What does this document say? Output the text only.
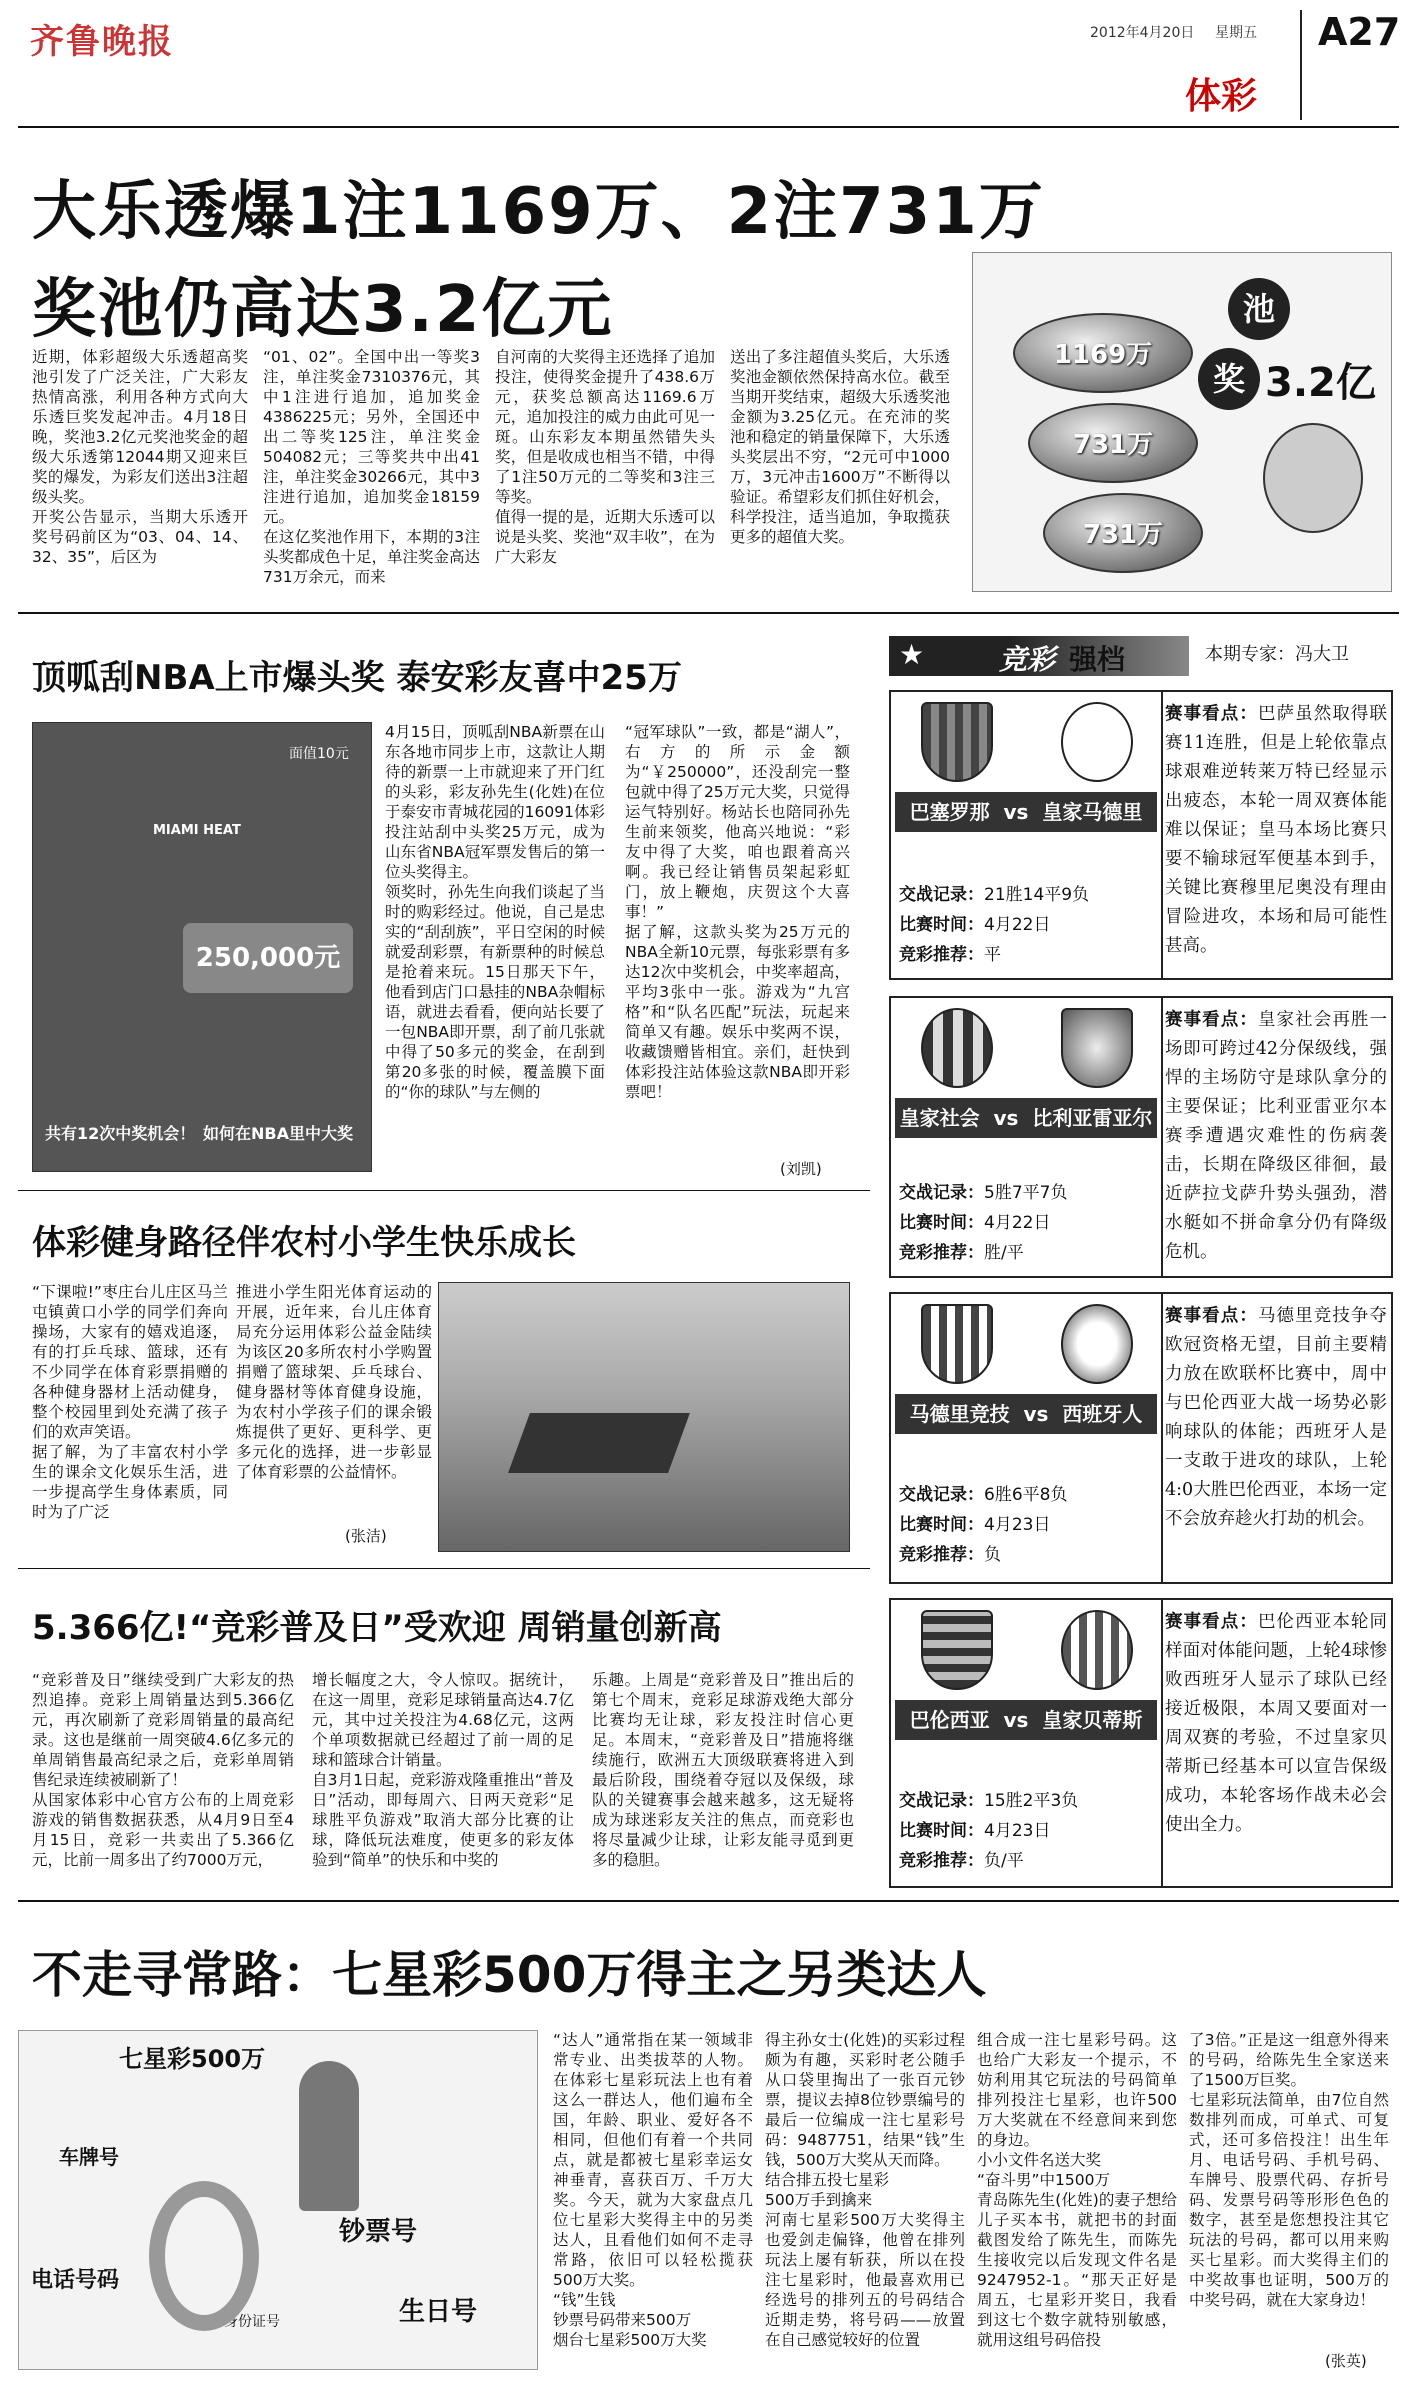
齐鲁晚报	2012年4月20日 星期五 A27
体彩
大乐透爆1注1169万、2注731万
奖池仍高达3.2亿元
近期，体彩超级大乐透超高奖池引发了广泛关注，广大彩友热情高涨，利用各种方式向大乐透巨奖发起冲击。4月18日晚，奖池3.2亿元奖池奖金的超级大乐透第12044期又迎来巨奖的爆发，为彩友们送出3注超级头奖。
开奖公告显示，当期大乐透开奖号码前区为“03、04、14、32、35”，后区为
“01、02”。全国中出一等奖3注，单注奖金7310376元，其中1注进行追加，追加奖金4386225元；另外，全国还中出二等奖125注，单注奖金504082元；三等奖共中出41注，单注奖金30266元，其中3注进行追加，追加奖金18159元。
在这亿奖池作用下，本期的3注头奖都成色十足，单注奖金高达731万余元，而来
自河南的大奖得主还选择了追加投注，使得奖金提升了438.6万元，获奖总额高达1169.6万元，追加投注的威力由此可见一斑。山东彩友本期虽然错失头奖，但是收成也相当不错，中得了1注50万元的二等奖和3注三等奖。
值得一提的是，近期大乐透可以说是头奖、奖池“双丰收”，在为广大彩友
送出了多注超值头奖后，大乐透奖池金额依然保持高水位。截至当期开奖结束，超级大乐透奖池金额为3.25亿元。在充沛的奖池和稳定的销量保障下，大乐透头奖层出不穷，“2元可中1000万，3元冲击1600万”不断得以验证。希望彩友们抓住好机会，科学投注，适当追加，争取揽获更多的超值大奖。
1169万
731万
731万
池
奖 3.2亿
顶呱刮NBA上市爆头奖 泰安彩友喜中25万
MIAMI HEAT
面值10元
250,000元
共有12次中奖机会！ 如何在NBA里中大奖
4月15日，顶呱刮NBA新票在山东各地市同步上市，这款让人期待的新票一上市就迎来了开门红的头彩，彩友孙先生(化姓)在位于泰安市青城花园的16091体彩投注站刮中头奖25万元，成为山东省NBA冠军票发售后的第一位头奖得主。
领奖时，孙先生向我们谈起了当时的购彩经过。他说，自己是忠实的“刮刮族”，平日空闲的时候就爱刮彩票，有新票种的时候总是抢着来玩。15日那天下午，他看到店门口悬挂的NBA杂帽标语，就进去看看，便向站长要了一包NBA即开票，刮了前几张就中得了50多元的奖金，在刮到第20多张的时候，覆盖膜下面的“你的球队”与左侧的
“冠军球队”一致，都是“湖人”，右方的所示金额为“￥250000”，还没刮完一整包就中得了25万元大奖，只觉得运气特别好。杨站长也陪同孙先生前来领奖，他高兴地说：“彩友中得了大奖，咱也跟着高兴啊。我已经让销售员架起彩虹门，放上鞭炮，庆贺这个大喜事！”
据了解，这款头奖为25万元的NBA全新10元票，每张彩票有多达12次中奖机会，中奖率超高，平均3张中一张。游戏为“九宫格”和“队名匹配”玩法，玩起来简单又有趣。娱乐中奖两不误，收藏馈赠皆相宜。亲们，赶快到体彩投注站体验这款NBA即开彩票吧！
(刘凯)
体彩健身路径伴农村小学生快乐成长
“下课啦!”枣庄台儿庄区马兰屯镇黄口小学的同学们奔向操场，大家有的嬉戏追逐，有的打乒乓球、篮球，还有不少同学在体育彩票捐赠的各种健身器材上活动健身，整个校园里到处充满了孩子们的欢声笑语。
据了解，为了丰富农村小学生的课余文化娱乐生活，进一步提高学生身体素质，同时为了广泛
推进小学生阳光体育运动的开展，近年来，台儿庄体育局充分运用体彩公益金陆续为该区20多所农村小学购置捐赠了篮球架、乒乓球台、健身器材等体育健身设施，为农村小学孩子们的课余锻炼提供了更好、更科学、更多元化的选择，进一步彰显了体育彩票的公益情怀。
(张洁)
5.366亿!“竞彩普及日”受欢迎 周销量创新高
“竞彩普及日”继续受到广大彩友的热烈追捧。竞彩上周销量达到5.366亿元，再次刷新了竞彩周销量的最高纪录。这也是继前一周突破4.6亿多元的单周销售最高纪录之后，竞彩单周销售纪录连续被刷新了！
从国家体彩中心官方公布的上周竞彩游戏的销售数据获悉，从4月9日至4月15日，竞彩一共卖出了5.366亿元，比前一周多出了约7000万元，
增长幅度之大，令人惊叹。据统计，在这一周里，竞彩足球销量高达4.7亿元，其中过关投注为4.68亿元，这两个单项数据就已经超过了前一周的足球和篮球合计销量。
自3月1日起，竞彩游戏隆重推出“普及日”活动，即每周六、日两天竞彩“足球胜平负游戏”取消大部分比赛的让球，降低玩法难度，使更多的彩友体验到“简单”的快乐和中奖的
乐趣。上周是“竞彩普及日”推出后的第七个周末，竞彩足球游戏绝大部分比赛均无让球，彩友投注时信心更足。本周末，“竞彩普及日”措施将继续施行，欧洲五大顶级联赛将进入到最后阶段，围绕着夺冠以及保级，球队的关键赛事会越来越多，这无疑将成为球迷彩友关注的焦点，而竞彩也将尽量减少让球，让彩友能寻觅到更多的稳胆。
★	竞彩 强档	本期专家：冯大卫
巴塞罗那 vs 皇家马德里
交战记录：21胜14平9负
比赛时间：4月22日
竞彩推荐：平
赛事看点：巴萨虽然取得联赛11连胜，但是上轮依靠点球艰难逆转莱万特已经显示出疲态，本轮一周双赛体能难以保证；皇马本场比赛只要不输球冠军便基本到手，关键比赛穆里尼奥没有理由冒险进攻，本场和局可能性甚高。
皇家社会 vs 比利亚雷亚尔
交战记录：5胜7平7负
比赛时间：4月22日
竞彩推荐：胜/平
赛事看点：皇家社会再胜一场即可跨过42分保级线，强悍的主场防守是球队拿分的主要保证；比利亚雷亚尔本赛季遭遇灾难性的伤病袭击，长期在降级区徘徊，最近萨拉戈萨升势头强劲，潜水艇如不拼命拿分仍有降级危机。
马德里竞技 vs 西班牙人
交战记录：6胜6平8负
比赛时间：4月23日
竞彩推荐：负
赛事看点：马德里竞技争夺欧冠资格无望，目前主要精力放在欧联杯比赛中，周中与巴伦西亚大战一场势必影响球队的体能；西班牙人是一支敢于进攻的球队，上轮4:0大胜巴伦西亚，本场一定不会放弃趁火打劫的机会。
巴伦西亚 vs 皇家贝蒂斯
交战记录：15胜2平3负
比赛时间：4月23日
竞彩推荐：负/平
赛事看点：巴伦西亚本轮同样面对体能问题，上轮4球惨败西班牙人显示了球队已经接近极限，本周又要面对一周双赛的考验，不过皇家贝蒂斯已经基本可以宣告保级成功，本轮客场作战未必会使出全力。
不走寻常路：七星彩500万得主之另类达人
七星彩500万
车牌号
钞票号
电话号码
生日号
身份证号
“达人”通常指在某一领域非常专业、出类拔萃的人物。在体彩七星彩玩法上也有着这么一群达人，他们遍布全国，年龄、职业、爱好各不相同，但他们有着一个共同点，就是都被七星彩幸运女神垂青，喜获百万、千万大奖。今天，就为大家盘点几位七星彩大奖得主中的另类达人，且看他们如何不走寻常路，依旧可以轻松揽获500万大奖。
“钱”生钱
钞票号码带来500万
烟台七星彩500万大奖
得主孙女士(化姓)的买彩过程颇为有趣，买彩时老公随手从口袋里掏出了一张百元钞票，提议去掉8位钞票编号的最后一位编成一注七星彩号码：9487751，结果“钱”生钱，500万大奖从天而降。
结合排五投七星彩
500万手到擒来
河南七星彩500万大奖得主也爱剑走偏锋，他曾在排列玩法上屡有斩获，所以在投注七星彩时，他最喜欢用已经选号的排列五的号码结合近期走势，将号码——放置在自己感觉较好的位置
组合成一注七星彩号码。这也给广大彩友一个提示，不妨利用其它玩法的号码简单排列投注七星彩，也许500万大奖就在不经意间来到您的身边。
小小文件名送大奖
“奋斗男”中1500万
青岛陈先生(化姓)的妻子想给儿子买本书，就把书的封面截图发给了陈先生，而陈先生接收完以后发现文件名是9247952-1。“那天正好是周五，七星彩开奖日，我看到这七个数字就特别敏感，就用这组号码倍投
了3倍。”正是这一组意外得来的号码，给陈先生全家送来了1500万巨奖。
七星彩玩法简单，由7位自然数排列而成，可单式、可复式，还可多倍投注！出生年月、电话号码、手机号码、车牌号、股票代码、存折号码、发票号码等形形色色的数字，甚至是您想投注其它玩法的号码，都可以用来购买七星彩。而大奖得主们的中奖故事也证明，500万的中奖号码，就在大家身边！
(张英)
